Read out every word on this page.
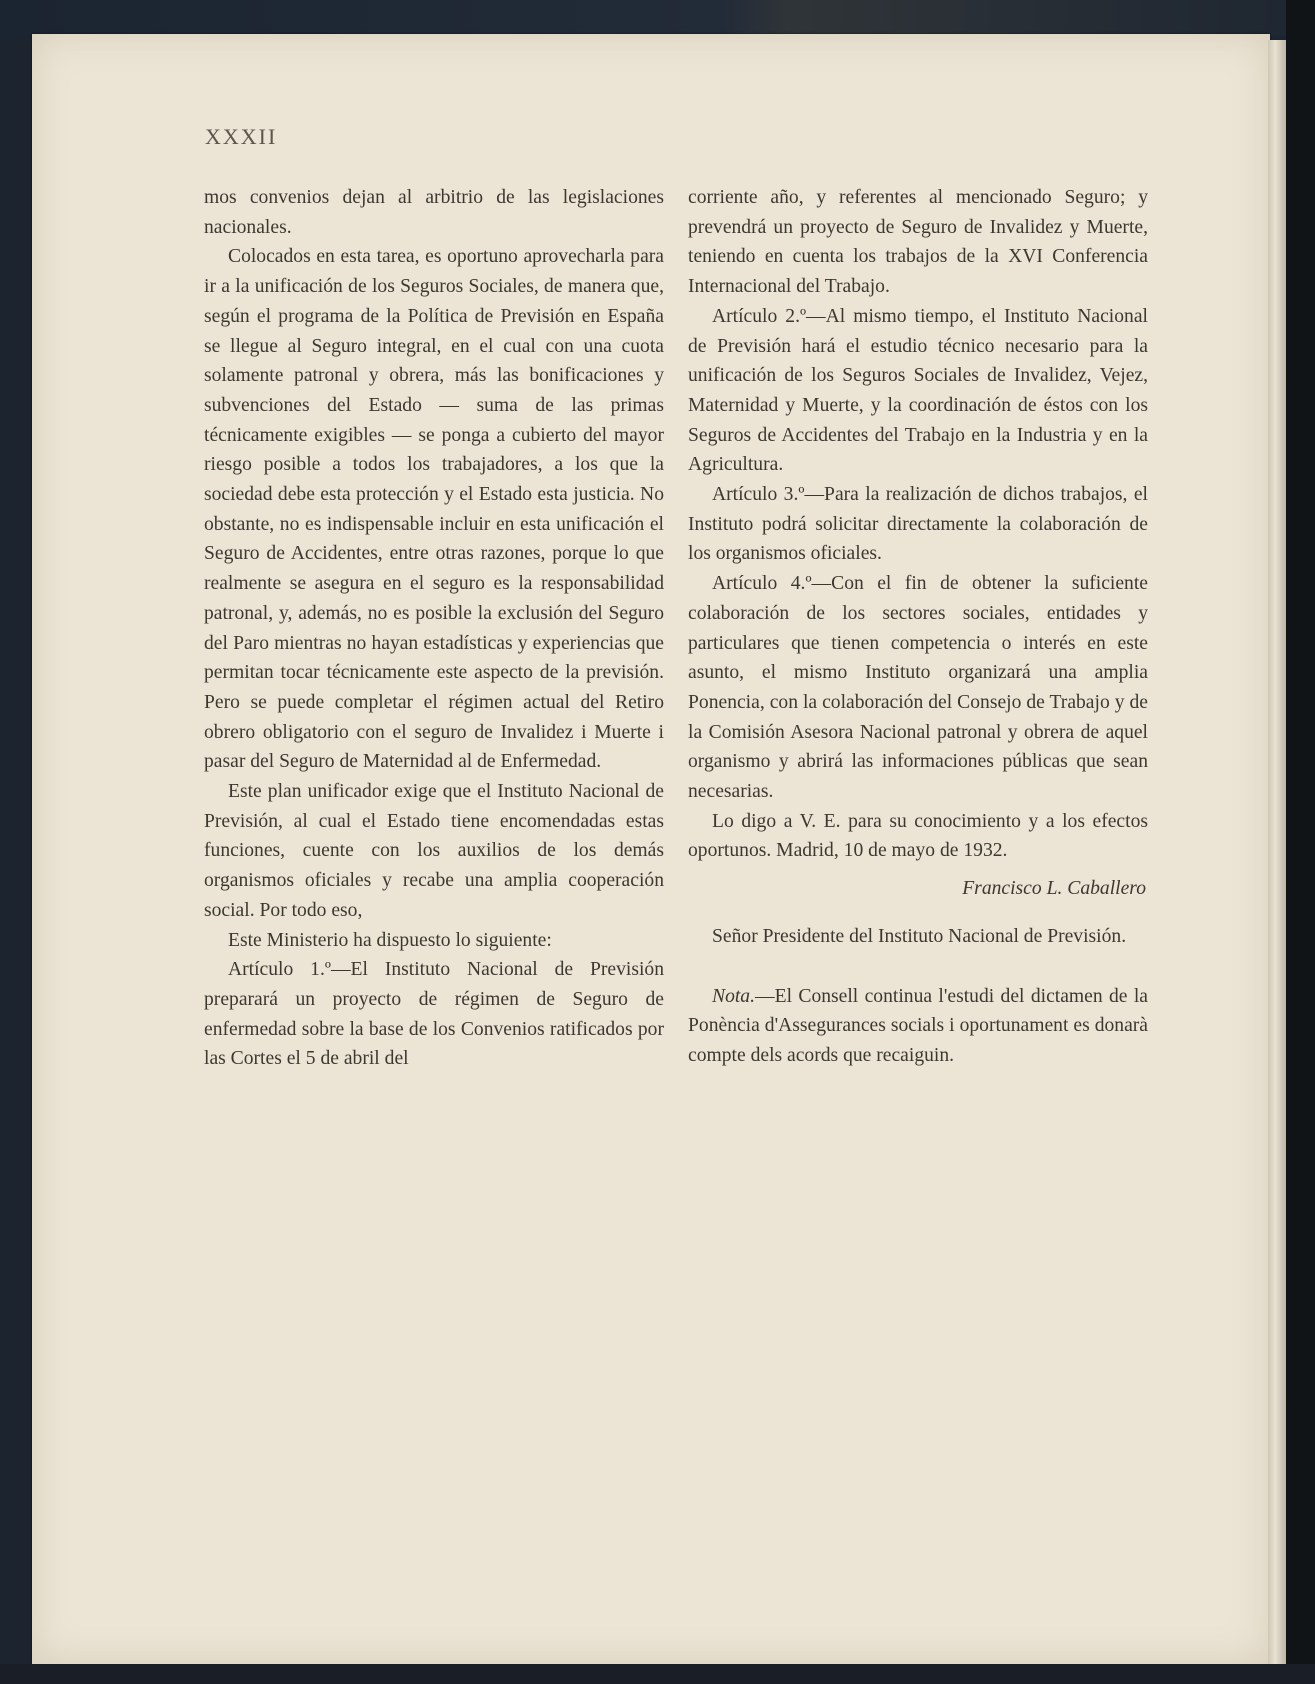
XXXII

mos convenios dejan al arbitrio de las legislaciones nacionales.

Colocados en esta tarea, es oportuno aprovecharla para ir a la unificación de los Seguros Sociales, de manera que, según el programa de la Política de Previsión en España se llegue al Seguro integral, en el cual con una cuota solamente patronal y obrera, más las bonificaciones y subvenciones del Estado — suma de las primas técnicamente exigibles — se ponga a cubierto del mayor riesgo posible a todos los trabajadores, a los que la sociedad debe esta protección y el Estado esta justicia. No obstante, no es indispensable incluir en esta unificación el Seguro de Accidentes, entre otras razones, porque lo que realmente se asegura en el seguro es la responsabilidad patronal, y, además, no es posible la exclusión del Seguro del Paro mientras no hayan estadísticas y experiencias que permitan tocar técnicamente este aspecto de la previsión. Pero se puede completar el régimen actual del Retiro obrero obligatorio con el seguro de Invalidez i Muerte i pasar del Seguro de Maternidad al de Enfermedad.

Este plan unificador exige que el Instituto Nacional de Previsión, al cual el Estado tiene encomendadas estas funciones, cuente con los auxilios de los demás organismos oficiales y recabe una amplia cooperación social. Por todo eso,

Este Ministerio ha dispuesto lo siguiente:

Artículo 1.º—El Instituto Nacional de Previsión preparará un proyecto de régimen de Seguro de enfermedad sobre la base de los Convenios ratificados por las Cortes el 5 de abril del

corriente año, y referentes al mencionado Seguro; y prevendrá un proyecto de Seguro de Invalidez y Muerte, teniendo en cuenta los trabajos de la XVI Conferencia Internacional del Trabajo.

Artículo 2.º—Al mismo tiempo, el Instituto Nacional de Previsión hará el estudio técnico necesario para la unificación de los Seguros Sociales de Invalidez, Vejez, Maternidad y Muerte, y la coordinación de éstos con los Seguros de Accidentes del Trabajo en la Industria y en la Agricultura.

Artículo 3.º—Para la realización de dichos trabajos, el Instituto podrá solicitar directamente la colaboración de los organismos oficiales.

Artículo 4.º—Con el fin de obtener la suficiente colaboración de los sectores sociales, entidades y particulares que tienen competencia o interés en este asunto, el mismo Instituto organizará una amplia Ponencia, con la colaboración del Consejo de Trabajo y de la Comisión Asesora Nacional patronal y obrera de aquel organismo y abrirá las informaciones públicas que sean necesarias.

Lo digo a V. E. para su conocimiento y a los efectos oportunos. Madrid, 10 de mayo de 1932.

Francisco L. Caballero

Señor Presidente del Instituto Nacional de Previsión.

Nota.—El Consell continua l'estudi del dictamen de la Ponència d'Assegurances socials i oportunament es donarà compte dels acords que recaiguin.
